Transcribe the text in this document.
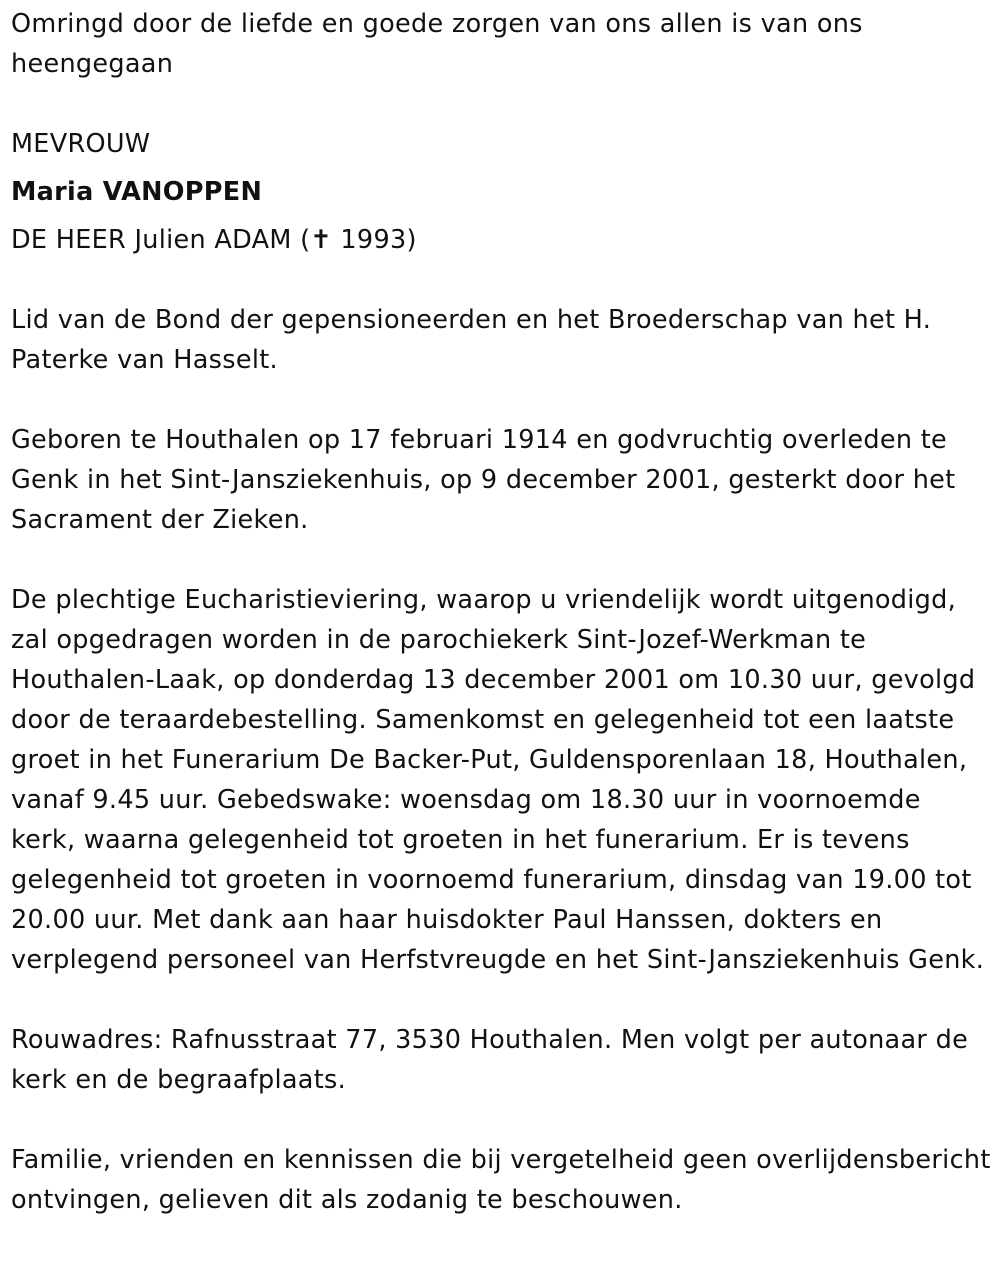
Omringd door de liefde en goede zorgen van ons allen is van ons heengegaan

MEVROUW

Maria VANOPPEN

DE HEER Julien ADAM (✝ 1993)

Lid van de Bond der gepensioneerden en het Broederschap van het H. Paterke van Hasselt.

Geboren te Houthalen op 17 februari 1914 en godvruchtig overleden te Genk in het Sint-Jansziekenhuis, op 9 december 2001, gesterkt door het Sacrament der Zieken.

De plechtige Eucharistieviering, waarop u vriendelijk wordt uitgenodigd, zal opgedragen worden in de parochiekerk Sint-Jozef-Werkman te Houthalen-Laak, op donderdag 13 december 2001 om 10.30 uur, gevolgd door de teraardebestelling. Samenkomst en gelegenheid tot een laatste groet in het Funerarium De Backer-Put, Guldensporenlaan 18, Houthalen, vanaf 9.45 uur. Gebedswake: woensdag om 18.30 uur in voornoemde kerk, waarna gelegenheid tot groeten in het funerarium. Er is tevens gelegenheid tot groeten in voornoemd funerarium, dinsdag van 19.00 tot 20.00 uur. Met dank aan haar huisdokter Paul Hanssen, dokters en verplegend personeel van Herfstvreugde en het Sint-Jansziekenhuis Genk.

Rouwadres: Rafnusstraat 77, 3530 Houthalen. Men volgt per autonaar de kerk en de begraafplaats.

Familie, vrienden en kennissen die bij vergetelheid geen overlijdensbericht ontvingen, gelieven dit als zodanig te beschouwen.
